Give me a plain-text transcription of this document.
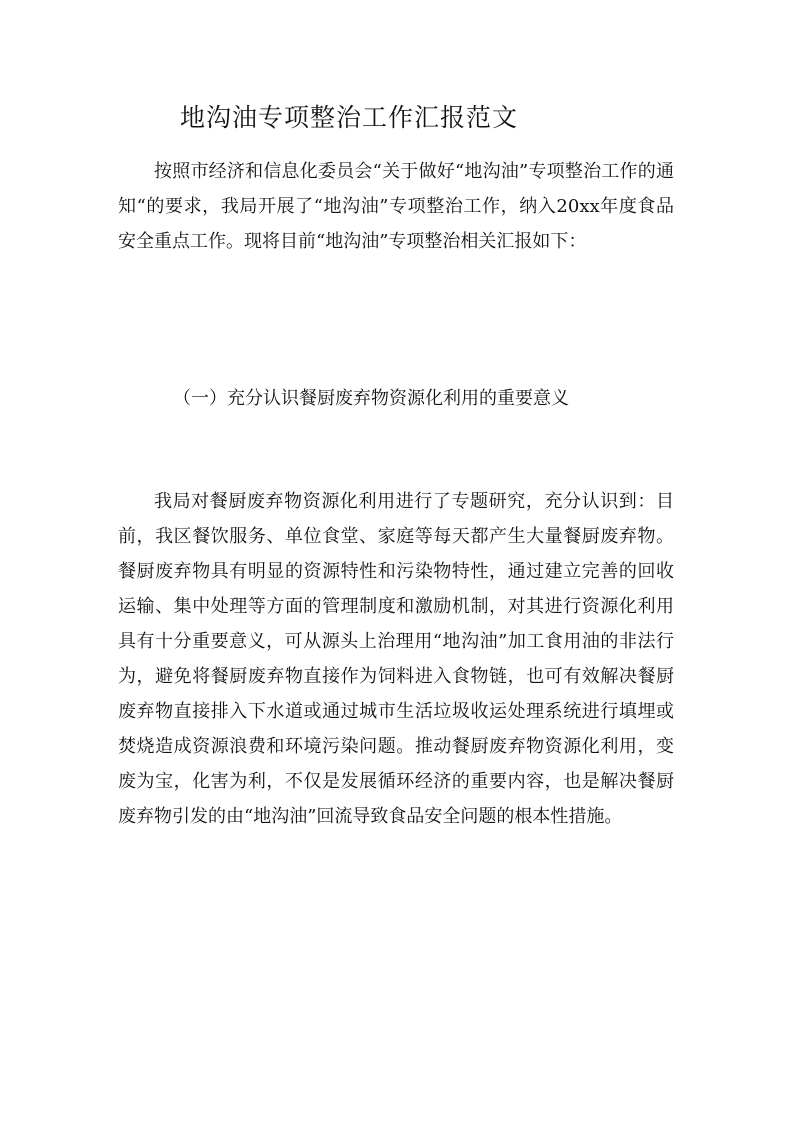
地沟油专项整治工作汇报范文

按照市经济和信息化委员会“关于做好“地沟油”专项整治工作的通知“的要求，我局开展了“地沟油”专项整治工作，纳入20xx年度食品安全重点工作。现将目前“地沟油”专项整治相关汇报如下：

（一）充分认识餐厨废弃物资源化利用的重要意义

我局对餐厨废弃物资源化利用进行了专题研究，充分认识到：目前，我区餐饮服务、单位食堂、家庭等每天都产生大量餐厨废弃物。餐厨废弃物具有明显的资源特性和污染物特性，通过建立完善的回收运输、集中处理等方面的管理制度和激励机制，对其进行资源化利用具有十分重要意义，可从源头上治理用“地沟油”加工食用油的非法行为，避免将餐厨废弃物直接作为饲料进入食物链，也可有效解决餐厨废弃物直接排入下水道或通过城市生活垃圾收运处理系统进行填埋或焚烧造成资源浪费和环境污染问题。推动餐厨废弃物资源化利用，变废为宝，化害为利，不仅是发展循环经济的重要内容，也是解决餐厨废弃物引发的由“地沟油”回流导致食品安全问题的根本性措施。
